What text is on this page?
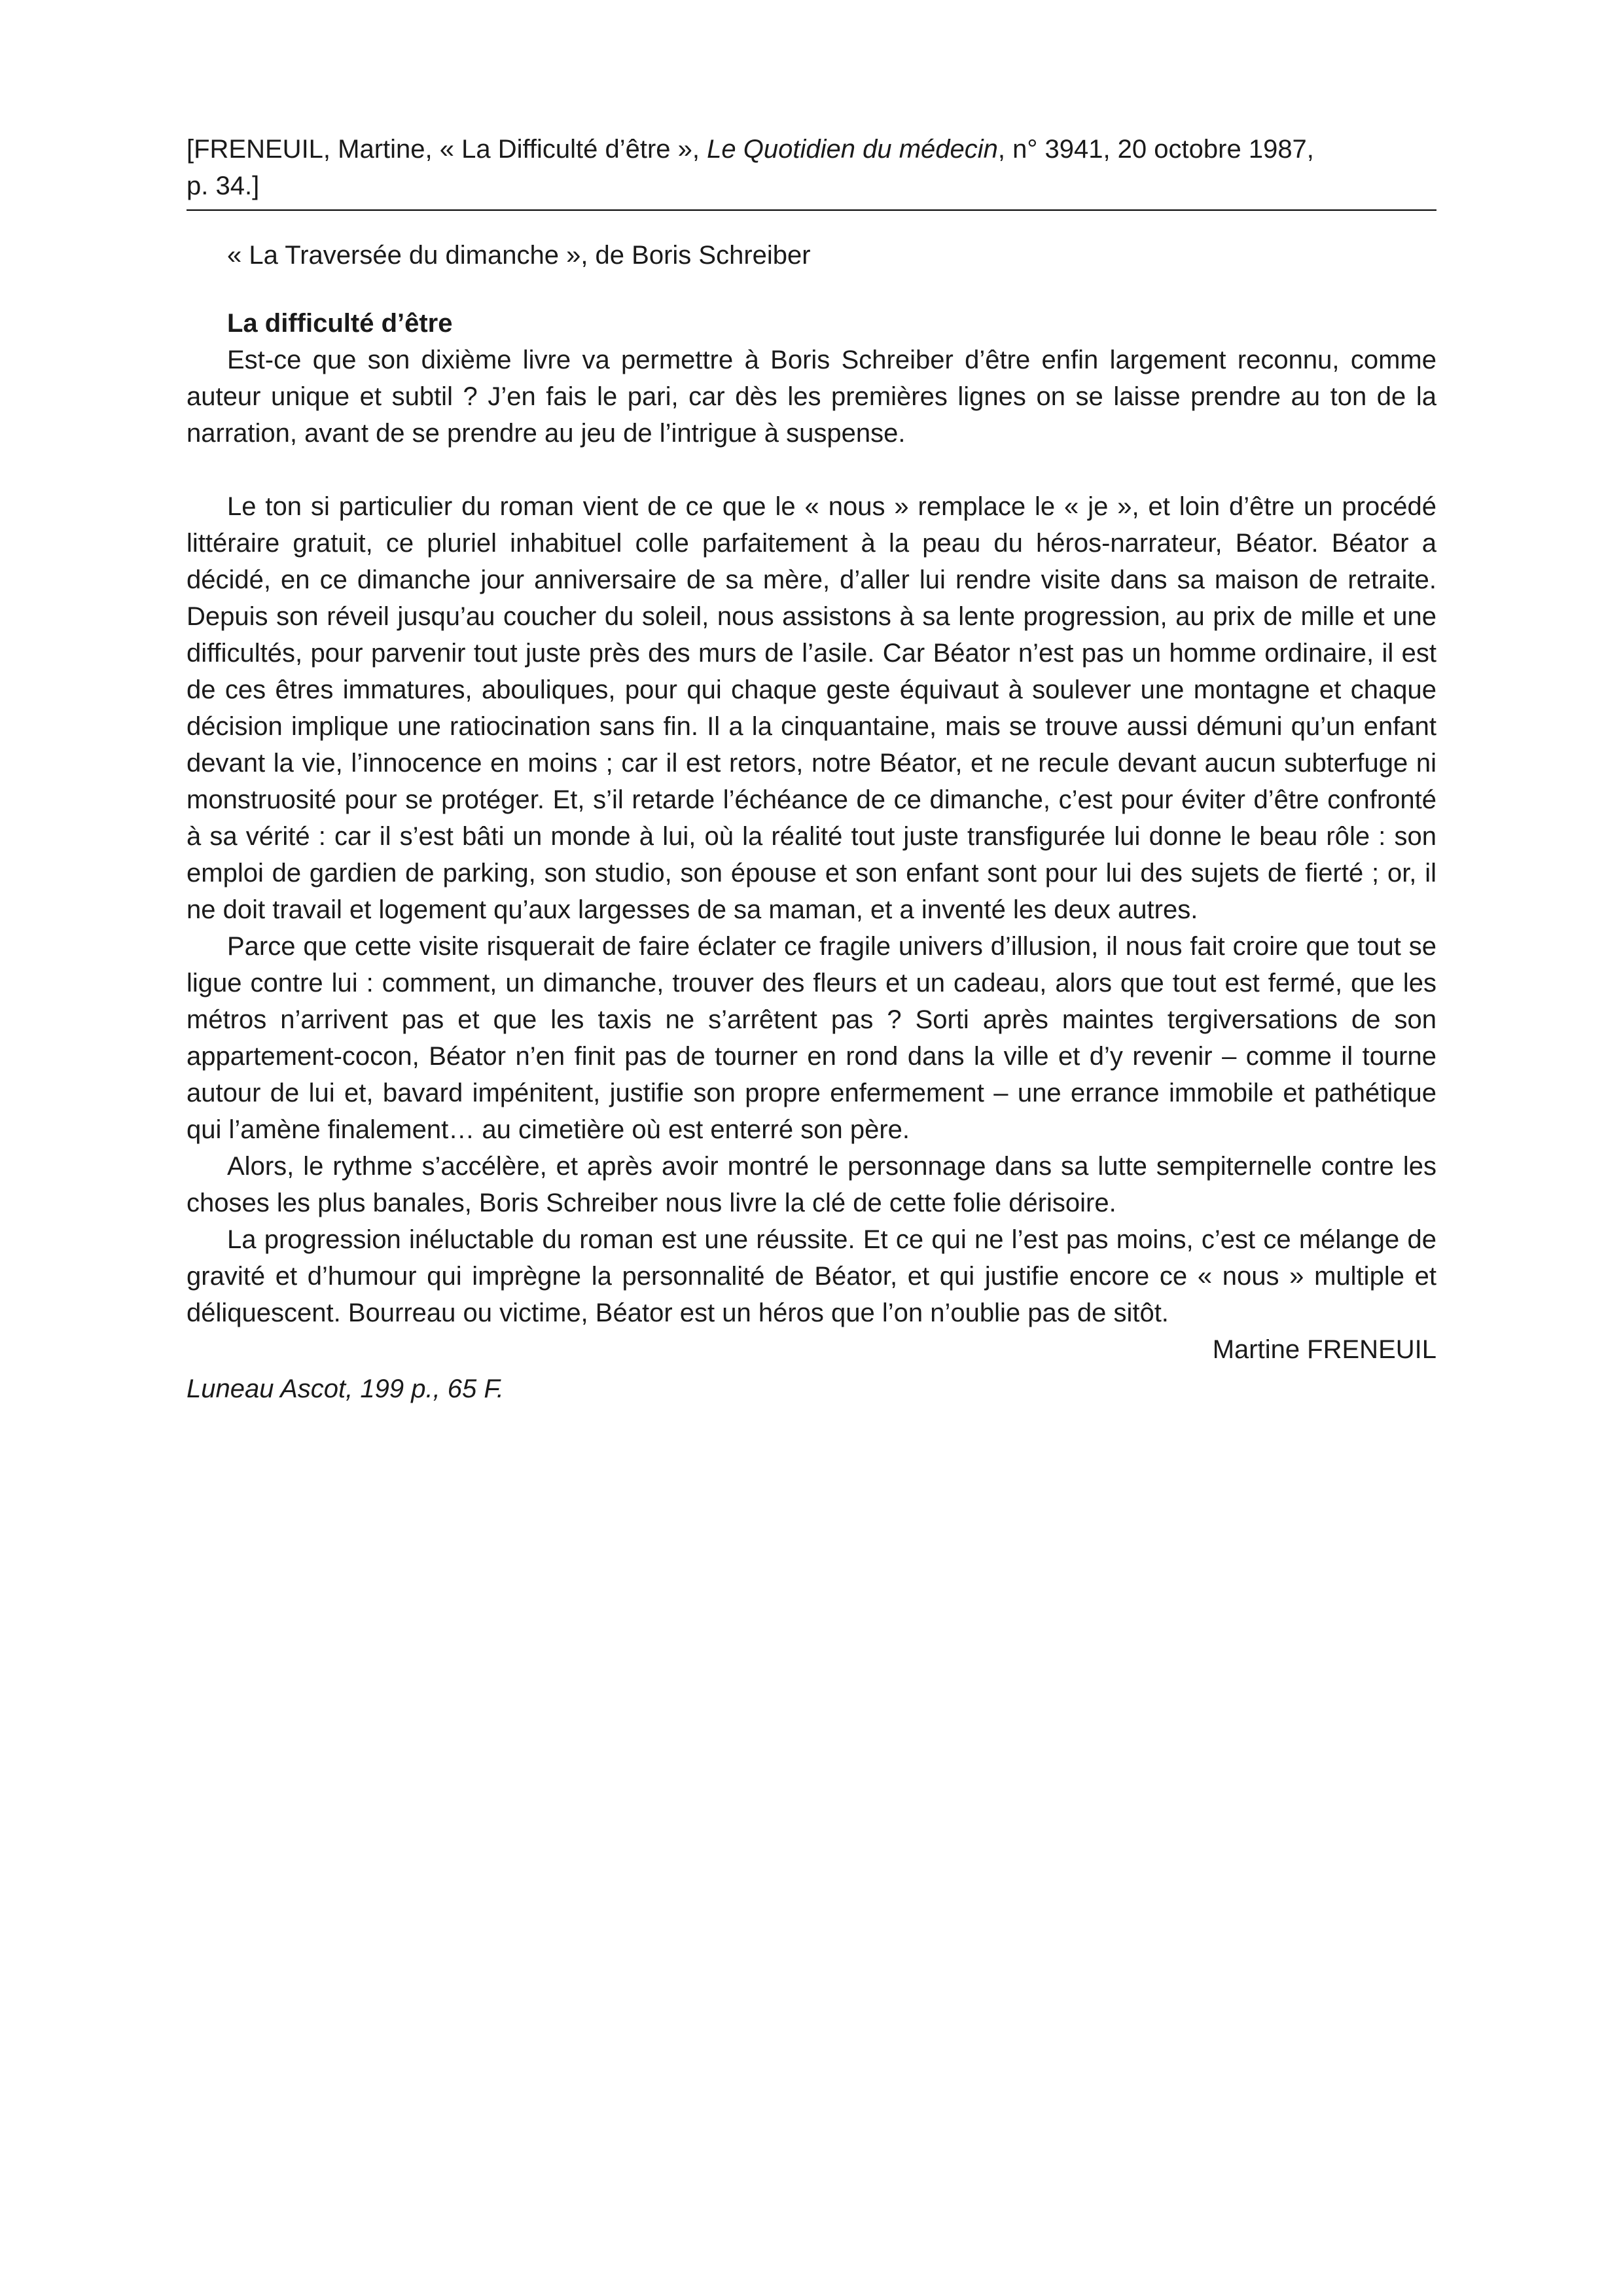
[FRENEUIL, Martine, « La Difficulté d’être », Le Quotidien du médecin, n° 3941, 20 octobre 1987,
p. 34.]

« La Traversée du dimanche », de Boris Schreiber

La difficulté d’être

Est-ce que son dixième livre va permettre à Boris Schreiber d’être enfin largement reconnu, comme auteur unique et subtil ? J’en fais le pari, car dès les premières lignes on se laisse prendre au ton de la narration, avant de se prendre au jeu de l’intrigue à suspense.

Le ton si particulier du roman vient de ce que le « nous » remplace le « je », et loin d’être un procédé littéraire gratuit, ce pluriel inhabituel colle parfaitement à la peau du héros-narrateur, Béator. Béator a décidé, en ce dimanche jour anniversaire de sa mère, d’aller lui rendre visite dans sa maison de retraite. Depuis son réveil jusqu’au coucher du soleil, nous assistons à sa lente progression, au prix de mille et une difficultés, pour parvenir tout juste près des murs de l’asile. Car Béator n’est pas un homme ordinaire, il est de ces êtres immatures, abouliques, pour qui chaque geste équivaut à soulever une montagne et chaque décision implique une ratiocination sans fin. Il a la cinquantaine, mais se trouve aussi démuni qu’un enfant devant la vie, l’innocence en moins ; car il est retors, notre Béator, et ne recule devant aucun subterfuge ni monstruosité pour se protéger. Et, s’il retarde l’échéance de ce dimanche, c’est pour éviter d’être confronté à sa vérité : car il s’est bâti un monde à lui, où la réalité tout juste transfigurée lui donne le beau rôle : son emploi de gardien de parking, son studio, son épouse et son enfant sont pour lui des sujets de fierté ; or, il ne doit travail et logement qu’aux largesses de sa maman, et a inventé les deux autres.

Parce que cette visite risquerait de faire éclater ce fragile univers d’illusion, il nous fait croire que tout se ligue contre lui : comment, un dimanche, trouver des fleurs et un cadeau, alors que tout est fermé, que les métros n’arrivent pas et que les taxis ne s’arrêtent pas ? Sorti après maintes tergiversations de son appartement-cocon, Béator n’en finit pas de tourner en rond dans la ville et d’y revenir – comme il tourne autour de lui et, bavard impénitent, justifie son propre enfermement – une errance immobile et pathétique qui l’amène finalement… au cimetière où est enterré son père.

Alors, le rythme s’accélère, et après avoir montré le personnage dans sa lutte sempiternelle contre les choses les plus banales, Boris Schreiber nous livre la clé de cette folie dérisoire.

La progression inéluctable du roman est une réussite. Et ce qui ne l’est pas moins, c’est ce mélange de gravité et d’humour qui imprègne la personnalité de Béator, et qui justifie encore ce « nous » multiple et déliquescent. Bourreau ou victime, Béator est un héros que l’on n’oublie pas de sitôt.

Martine FRENEUIL

Luneau Ascot, 199 p., 65 F.
